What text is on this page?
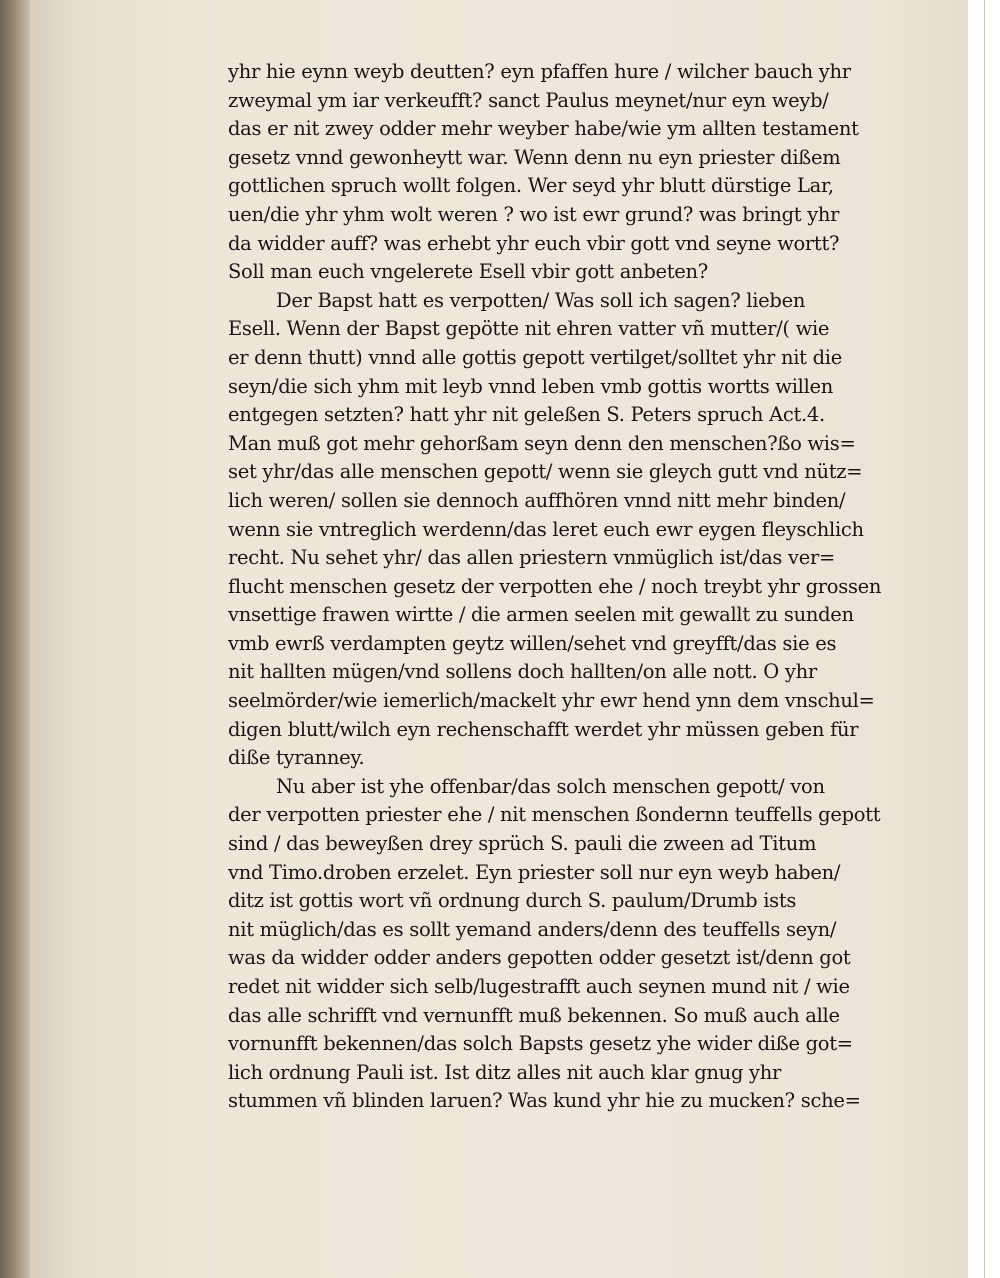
yhr hie eynn weyb deutten? eyn pfaffen hure / wilcher bauch yhr
zweymal ym iar verkeufft? sanct Paulus meynet/nur eyn weyb/
das er nit zwey odder mehr weyber habe/wie ym allten testament
gesetz vnnd gewonheytt war. Wenn denn nu eyn priester dißem
gottlichen spruch wollt folgen. Wer seyd yhr blutt dürstige Lar,
uen/die yhr yhm wolt weren ? wo ist ewr grund? was bringt yhr
da widder auff? was erhebt yhr euch vbir gott vnd seyne wortt?
Soll man euch vngelerete Esell vbir gott anbeten?
Der Bapst hatt es verpotten/ Was soll ich sagen? lieben
Esell. Wenn der Bapst gepötte nit ehren vatter vñ mutter/( wie
er denn thutt) vnnd alle gottis gepott vertilget/solltet yhr nit die
seyn/die sich yhm mit leyb vnnd leben vmb gottis wortts willen
entgegen setzten? hatt yhr nit geleßen S. Peters spruch Act.4.
Man muß got mehr gehorßam seyn denn den menschen?ßo wis=
set yhr/das alle menschen gepott/ wenn sie gleych gutt vnd nütz=
lich weren/ sollen sie dennoch auffhören vnnd nitt mehr binden/
wenn sie vntreglich werdenn/das leret euch ewr eygen fleyschlich
recht. Nu sehet yhr/ das allen priestern vnmüglich ist/das ver=
flucht menschen gesetz der verpotten ehe / noch treybt yhr grossen
vnsettige frawen wirtte / die armen seelen mit gewallt zu sunden
vmb ewrß verdampten geytz willen/sehet vnd greyfft/das sie es
nit hallten mügen/vnd sollens doch hallten/on alle nott. O yhr
seelmörder/wie iemerlich/mackelt yhr ewr hend ynn dem vnschul=
digen blutt/wilch eyn rechenschafft werdet yhr müssen geben für
diße tyranney.
Nu aber ist yhe offenbar/das solch menschen gepott/ von
der verpotten priester ehe / nit menschen ßondernn teuffells gepott
sind / das beweyßen drey sprüch S. pauli die zween ad Titum
vnd Timo.droben erzelet. Eyn priester soll nur eyn weyb haben/
ditz ist gottis wort vñ ordnung durch S. paulum/Drumb ists
nit müglich/das es sollt yemand anders/denn des teuffells seyn/
was da widder odder anders gepotten odder gesetzt ist/denn got
redet nit widder sich selb/lugestrafft auch seynen mund nit / wie
das alle schrifft vnd vernunfft muß bekennen. So muß auch alle
vornunfft bekennen/das solch Bapsts gesetz yhe wider diße got=
lich ordnung Pauli ist. Ist ditz alles nit auch klar gnug yhr
stummen vñ blinden laruen? Was kund yhr hie zu mucken? sche=
